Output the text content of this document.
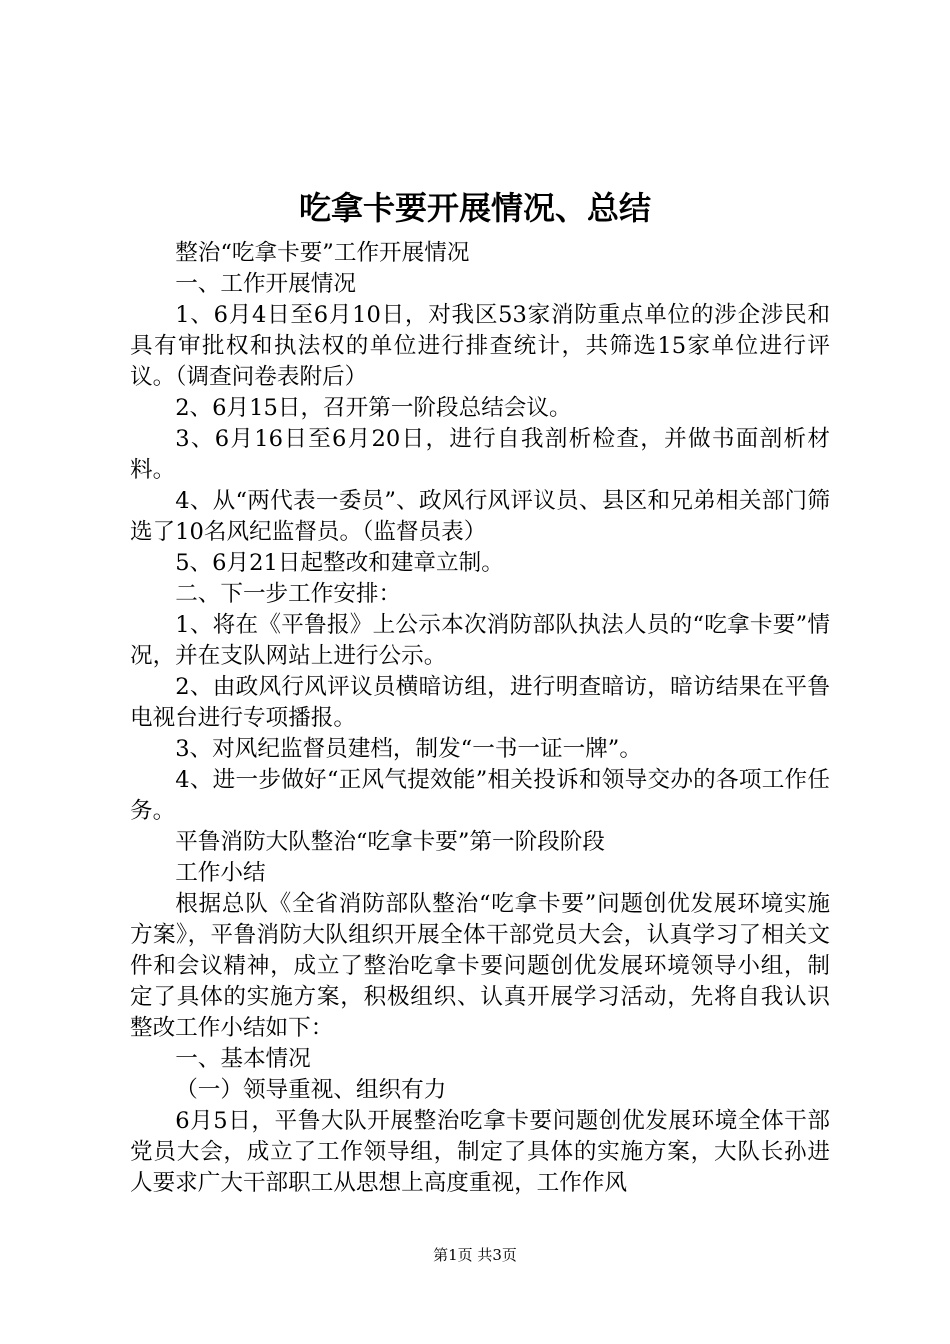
吃拿卡要开展情况、总结

整治“吃拿卡要”工作开展情况

一、工作开展情况

1、6月4日至6月10日，对我区53家消防重点单位的涉企涉民和具有审批权和执法权的单位进行排查统计，共筛选15家单位进行评议。（调查问卷表附后）

2、6月15日，召开第一阶段总结会议。

3、6月16日至6月20日，进行自我剖析检查，并做书面剖析材料。

4、从“两代表一委员”、政风行风评议员、县区和兄弟相关部门筛选了10名风纪监督员。（监督员表）

5、6月21日起整改和建章立制。

二、下一步工作安排：

1、将在《平鲁报》上公示本次消防部队执法人员的“吃拿卡要”情况，并在支队网站上进行公示。

2、由政风行风评议员横暗访组，进行明查暗访，暗访结果在平鲁电视台进行专项播报。

3、对风纪监督员建档，制发“一书一证一牌”。

4、进一步做好“正风气提效能”相关投诉和领导交办的各项工作任务。

平鲁消防大队整治“吃拿卡要”第一阶段阶段

工作小结

根据总队《全省消防部队整治“吃拿卡要”问题创优发展环境实施方案》，平鲁消防大队组织开展全体干部党员大会，认真学习了相关文件和会议精神，成立了整治吃拿卡要问题创优发展环境领导小组，制定了具体的实施方案，积极组织、认真开展学习活动，先将自我认识整改工作小结如下：

一、基本情况

（一）领导重视、组织有力

6月5日，平鲁大队开展整治吃拿卡要问题创优发展环境全体干部党员大会，成立了工作领导组，制定了具体的实施方案，大队长孙进人要求广大干部职工从思想上高度重视，工作作风

第1页 共3页
